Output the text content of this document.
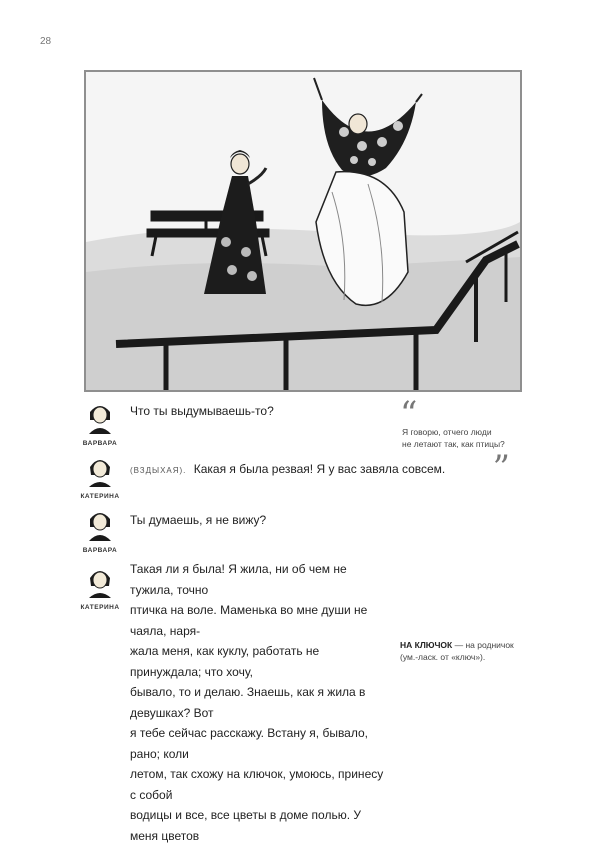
28
ВАРВАРА
Что ты выдумываешь-то?
КАТЕРИНА
(ВЗДЫХАЯ). Какая я была резвая! Я у вас завяла совсем.
ВАРВАРА
Ты думаешь, я не вижу?
КАТЕРИНА
Такая ли я была! Я жила, ни об чем не тужила, точно
птичка на воле. Маменька во мне души не чаяла, наря-
жала меня, как куклу, работать не принуждала; что хочу,
бывало, то и делаю. Знаешь, как я жила в девушках? Вот
я тебе сейчас расскажу. Встану я, бывало, рано; коли
летом, так схожу на ключок, умоюсь, принесу с собой
водицы и все, все цветы в доме полью. У меня цветов
“
Я говорю, отчего люди
не летают так, как птицы?
”
НА КЛЮЧОК — на родничок
(ум.-ласк. от «ключ»).
